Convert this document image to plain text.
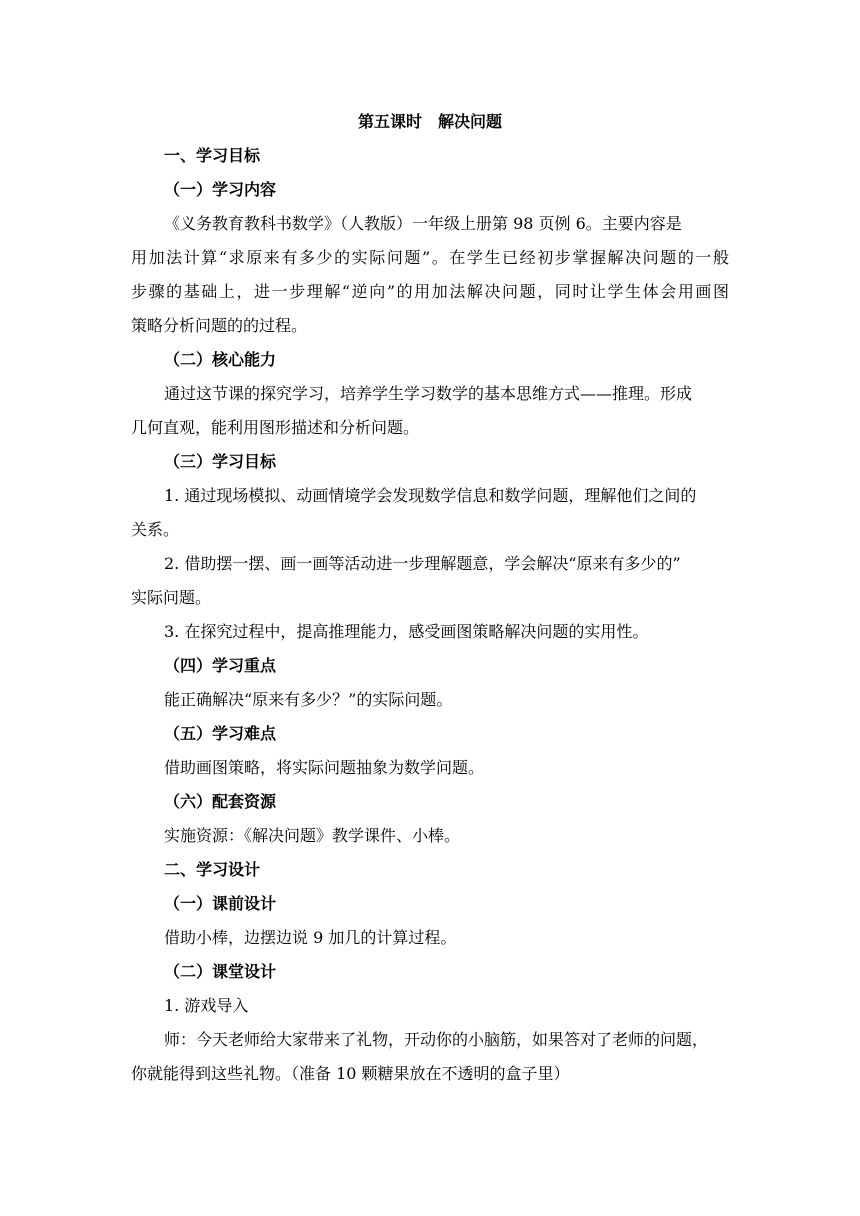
第五课时　解决问题
一、学习目标
（一）学习内容
《义务教育教科书数学》（人教版）一年级上册第 98 页例 6。主要内容是
用加法计算“求原来有多少的实际问题”。在学生已经初步掌握解决问题的一般
步骤的基础上，进一步理解“逆向”的用加法解决问题，同时让学生体会用画图
策略分析问题的的过程。
（二）核心能力
通过这节课的探究学习，培养学生学习数学的基本思维方式——推理。形成
几何直观，能利用图形描述和分析问题。
（三）学习目标
1. 通过现场模拟、动画情境学会发现数学信息和数学问题，理解他们之间的
关系。
2. 借助摆一摆、画一画等活动进一步理解题意，学会解决“原来有多少的”
实际问题。
3. 在探究过程中，提高推理能力，感受画图策略解决问题的实用性。
（四）学习重点
能正确解决“原来有多少？”的实际问题。
（五）学习难点
借助画图策略，将实际问题抽象为数学问题。
（六）配套资源
实施资源：《解决问题》教学课件、小棒。
二、学习设计
（一）课前设计
借助小棒，边摆边说 9 加几的计算过程。
（二）课堂设计
1. 游戏导入
师：今天老师给大家带来了礼物，开动你的小脑筋，如果答对了老师的问题，
你就能得到这些礼物。（准备 10 颗糖果放在不透明的盒子里）
